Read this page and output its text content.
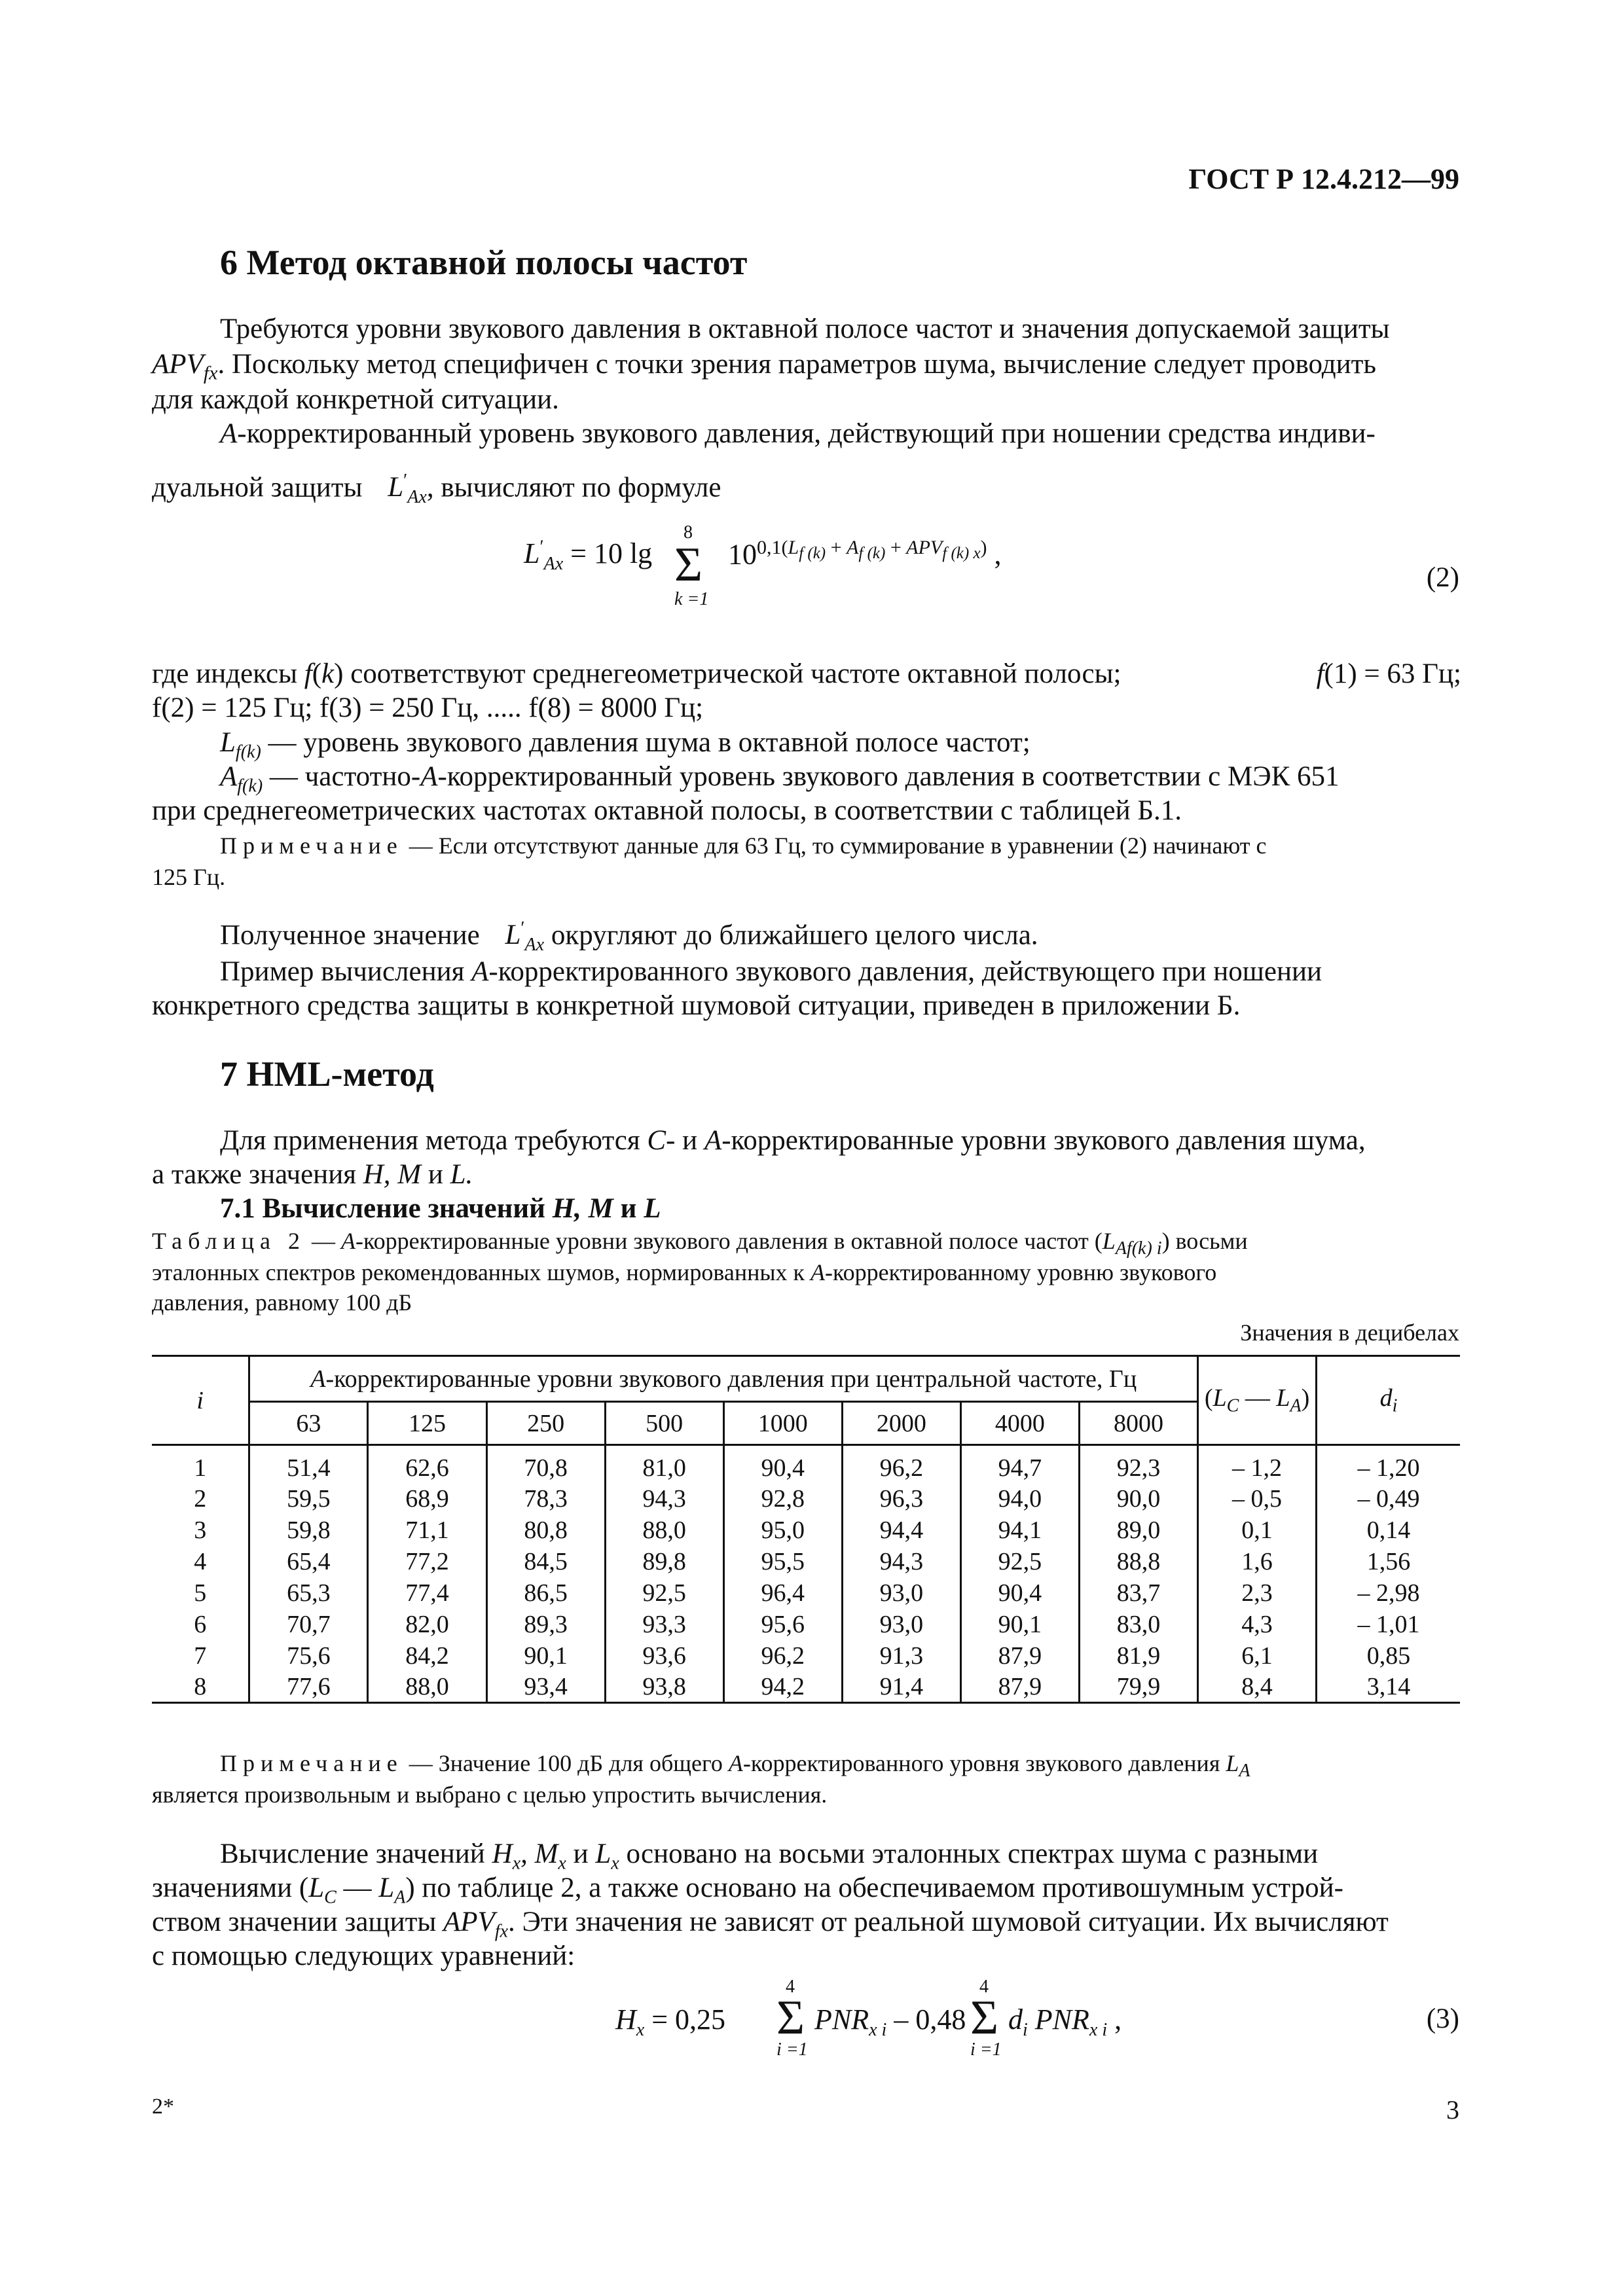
ГОСТ Р 12.4.212—99
6 Метод октавной полосы частот
Требуются уровни звукового давления в октавной полосе частот и значения допускаемой защиты
$APV_{fx}$. Поскольку метод специфичен с точки зрения параметров шума, вычисление следует проводить
для каждой конкретной ситуации.
A-корректированный уровень звукового давления, действующий при ношении средства индиви-
дуальной защиты $L'_{Ax}$, вычисляют по формуле
$L'_{Ax} = 10$ lg
8
Σ
k =1
$10^{0,1(L_{f (k)} + A_{f (k)} + APV_{f (k) x})}$ ,
(2)
где индексы f(k) соответствуют среднегеометрической частоте октавной полосы;	f(1) = 63 Гц;
f(2) = 125 Гц; f(3) = 250 Гц, ..... f(8) = 8000 Гц;
$L_{f(k)}$ — уровень звукового давления шума в октавной полосе частот;
$A_{f(k)}$ — частотно-A-корректированный уровень звукового давления в соответствии с МЭК 651
при среднегеометрических частотах октавной полосы, в соответствии с таблицей Б.1.
Примечание — Если отсутствуют данные для 63 Гц, то суммирование в уравнении (2) начинают с
125 Гц.
Полученное значение $L'_{Ax}$ округляют до ближайшего целого числа.
Пример вычисления A-корректированного звукового давления, действующего при ношении
конкретного средства защиты в конкретной шумовой ситуации, приведен в приложении Б.
7 HML-метод
Для применения метода требуются C- и A-корректированные уровни звукового давления шума,
а также значения H, M и L.
7.1 Вычисление значений H, M и L
Таблица 2 — A-корректированные уровни звукового давления в октавной полосе частот $(L_{Af(k) i})$ восьми
эталонных спектров рекомендованных шумов, нормированных к A-корректированному уровню звукового
давления, равному 100 дБ
Значения в децибелах
i	A-корректированные уровни звукового давления при центральной частоте, Гц								($L_C$ — $L_A$)	$d_i$
	63	125	250	500	1000	2000	4000	8000		
1	51,4	62,6	70,8	81,0	90,4	96,2	94,7	92,3	– 1,2	– 1,20
2	59,5	68,9	78,3	94,3	92,8	96,3	94,0	90,0	– 0,5	– 0,49
3	59,8	71,1	80,8	88,0	95,0	94,4	94,1	89,0	0,1	0,14
4	65,4	77,2	84,5	89,8	95,5	94,3	92,5	88,8	1,6	1,56
5	65,3	77,4	86,5	92,5	96,4	93,0	90,4	83,7	2,3	– 2,98
6	70,7	82,0	89,3	93,3	95,6	93,0	90,1	83,0	4,3	– 1,01
7	75,6	84,2	90,1	93,6	96,2	91,3	87,9	81,9	6,1	0,85
8	77,6	88,0	93,4	93,8	94,2	91,4	87,9	79,9	8,4	3,14
Примечание — Значение 100 дБ для общего A-корректированного уровня звукового давления $L_A$
является произвольным и выбрано с целью упростить вычисления.
Вычисление значений $H_x$, $M_x$ и $L_x$ основано на восьми эталонных спектрах шума с разными
значениями ($L_C$ — $L_A$) по таблице 2, а также основано на обеспечиваемом противошумным устрой-
ством значении защиты $APV_{fx}$. Эти значения не зависят от реальной шумовой ситуации. Их вычисляют
с помощью следующих уравнений:
$H_x = 0,25$
4
Σ
i =1
$PNR_{x i} - 0,48$
4
Σ
i =1
$d_i$ $PNR_{x i}$ ,	(3)
2*	3
